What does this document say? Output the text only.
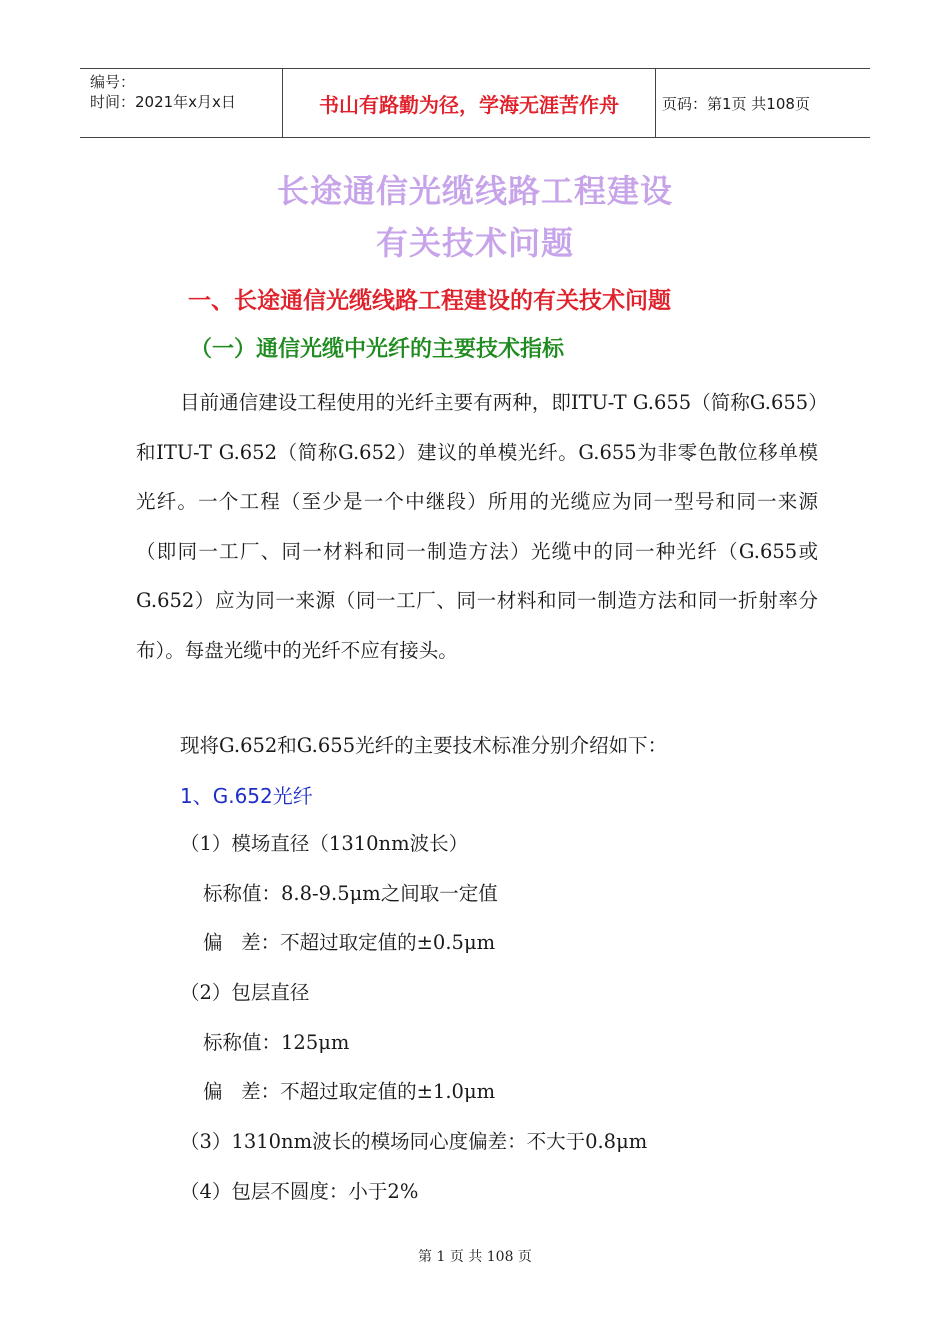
编号：
时间：2021年x月x日	书山有路勤为径，学海无涯苦作舟	页码：第1页 共108页
长途通信光缆线路工程建设
有关技术问题
一、长途通信光缆线路工程建设的有关技术问题
（一）通信光缆中光纤的主要技术指标
目前通信建设工程使用的光纤主要有两种，即ITU-T G.655（简称G.655）和ITU-T G.652（简称G.652）建议的单模光纤。G.655为非零色散位移单模光纤。一个工程（至少是一个中继段）所用的光缆应为同一型号和同一来源（即同一工厂、同一材料和同一制造方法）光缆中的同一种光纤（G.655或G.652）应为同一来源（同一工厂、同一材料和同一制造方法和同一折射率分布）。每盘光缆中的光纤不应有接头。
现将G.652和G.655光纤的主要技术标准分别介绍如下：
1、G.652光纤
（1）模场直径（1310nm波长）
标称值：8.8-9.5μm之间取一定值
偏   差：不超过取定值的±0.5μm
（2）包层直径
标称值：125μm
偏   差：不超过取定值的±1.0μm
（3）1310nm波长的模场同心度偏差：不大于0.8μm
（4）包层不圆度：小于2%
第 1 页 共 108 页
